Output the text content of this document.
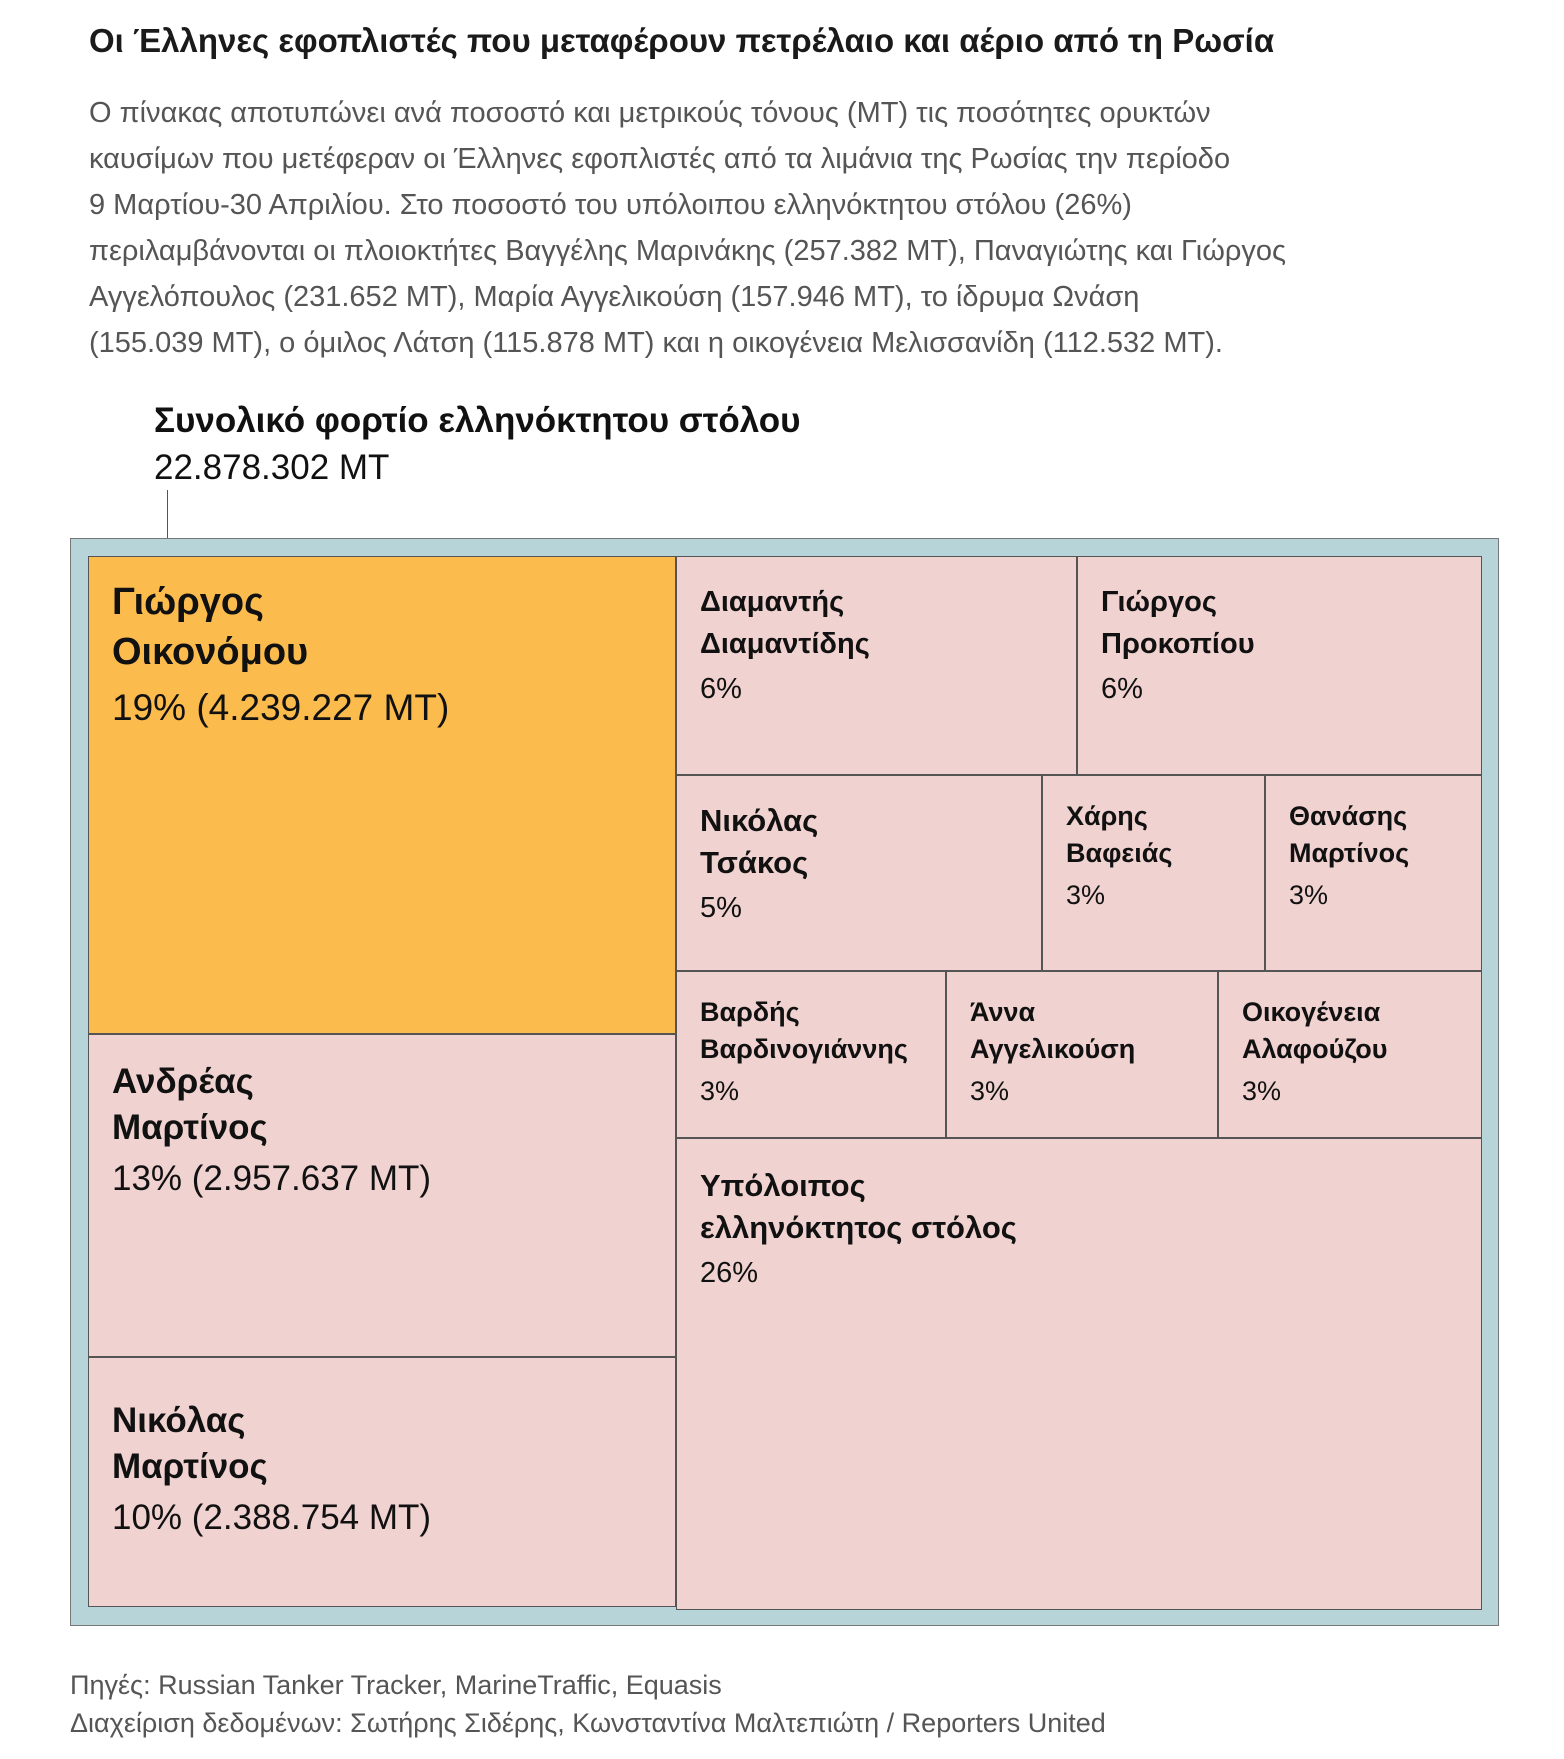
Οι Έλληνες εφοπλιστές που μεταφέρουν πετρέλαιο και αέριο από τη Ρωσία
Ο πίνακας αποτυπώνει ανά ποσοστό και μετρικούς τόνους (ΜΤ) τις ποσότητες ορυκτών
καυσίμων που μετέφεραν οι Έλληνες εφοπλιστές από τα λιμάνια της Ρωσίας την περίοδο
9 Μαρτίου-30 Απριλίου. Στο ποσοστό του υπόλοιπου ελληνόκτητου στόλου (26%)
περιλαμβάνονται οι πλοιοκτήτες Βαγγέλης Μαρινάκης (257.382 ΜΤ), Παναγιώτης και Γιώργος
Αγγελόπουλος (231.652 ΜΤ), Μαρία Αγγελικούση (157.946 ΜΤ), το ίδρυμα Ωνάση
(155.039 ΜΤ), ο όμιλος Λάτση (115.878 ΜΤ) και η οικογένεια Μελισσανίδη (112.532 ΜΤ).
Συνολικό φορτίο ελληνόκτητου στόλου
22.878.302 ΜΤ
Γιώργος
Οικονόμου
19% (4.239.227 ΜΤ)
Ανδρέας
Μαρτίνος
13% (2.957.637 ΜΤ)
Νικόλας
Μαρτίνος
10% (2.388.754 ΜΤ)
Διαμαντής
Διαμαντίδης
6%
Γιώργος
Προκοπίου
6%
Νικόλας
Τσάκος
5%
Χάρης
Βαφειάς
3%
Θανάσης
Μαρτίνος
3%
Βαρδής
Βαρδινογιάννης
3%
Άννα
Αγγελικούση
3%
Οικογένεια
Αλαφούζου
3%
Υπόλοιπος
ελληνόκτητος στόλος
26%
Πηγές: Russian Tanker Tracker, MarineTraffic, Equasis
Διαχείριση δεδομένων: Σωτήρης Σιδέρης, Κωνσταντίνα Μαλτεπιώτη / Reporters United
